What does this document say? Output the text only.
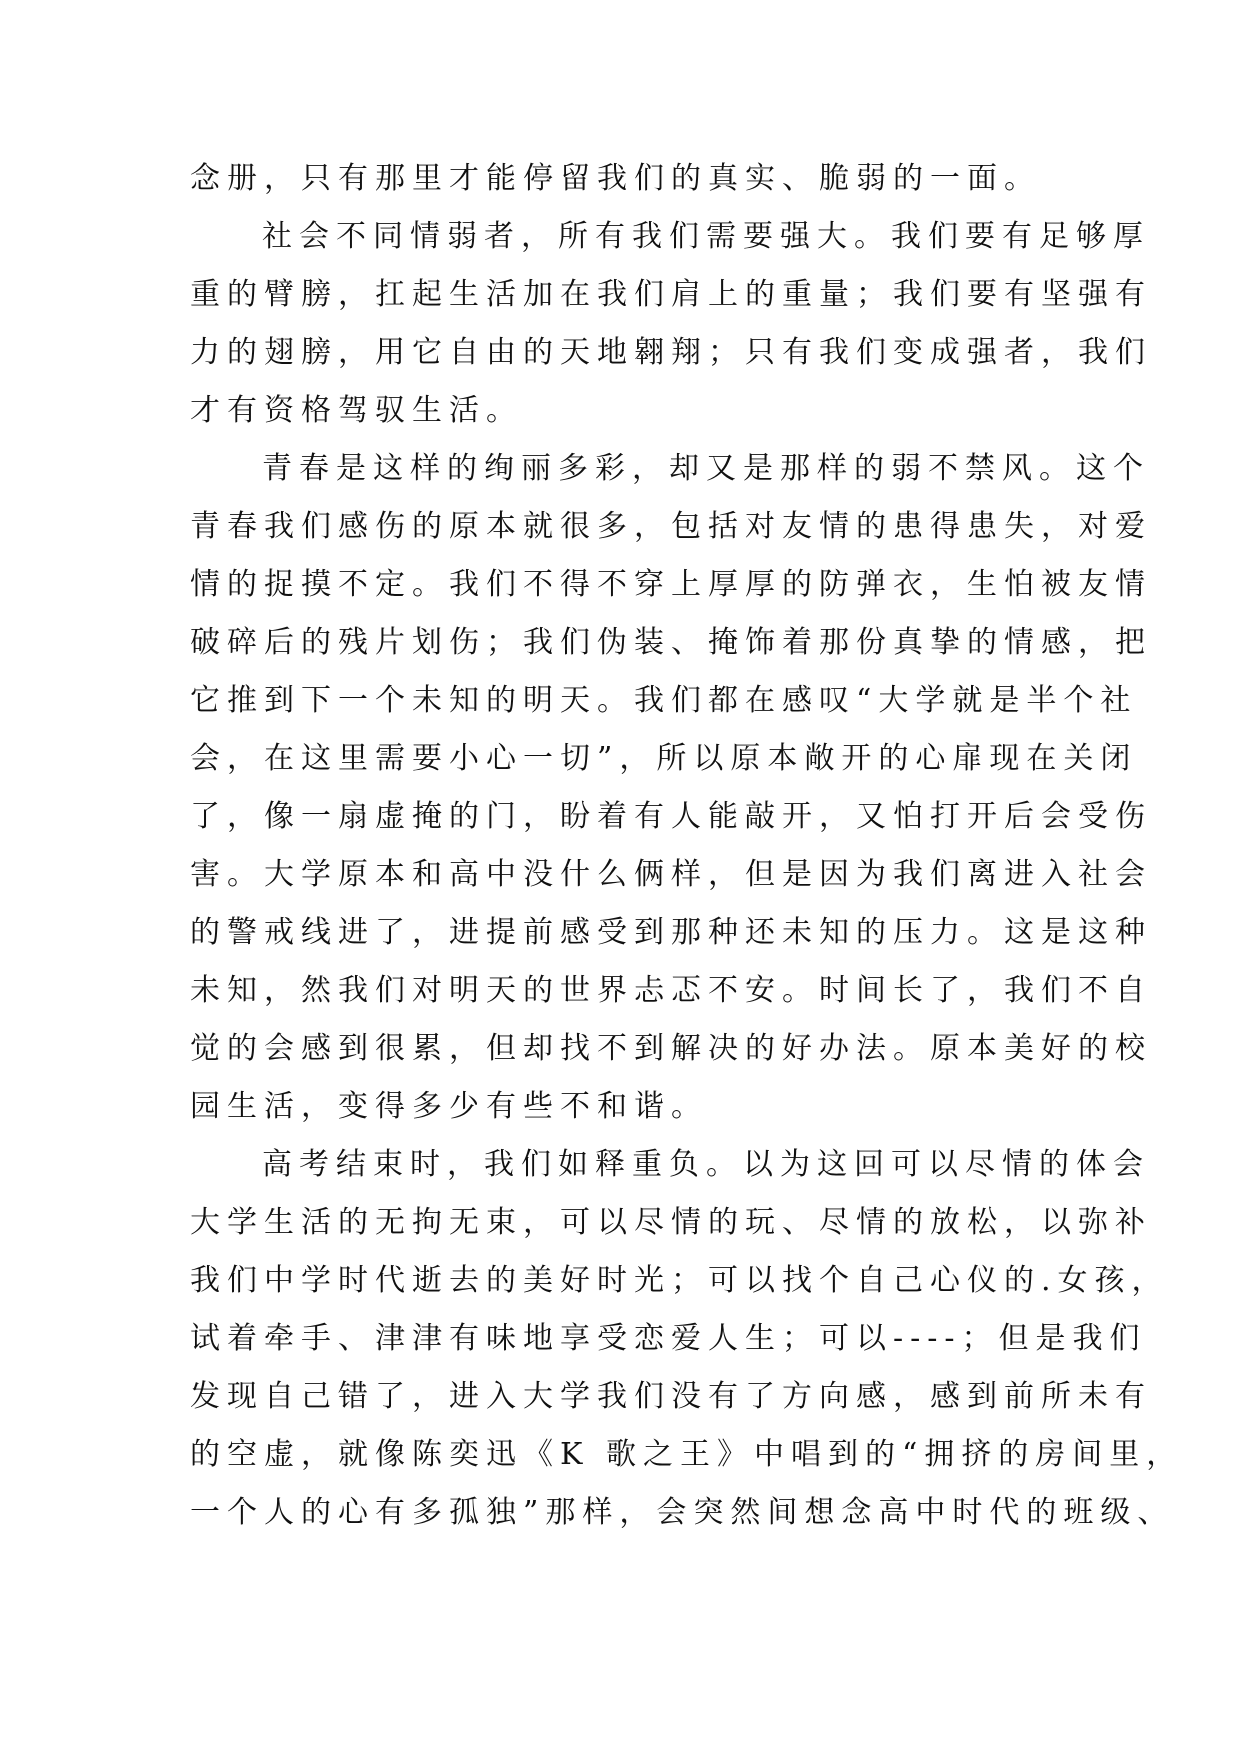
念册，只有那里才能停留我们的真实、脆弱的一面。
社会不同情弱者，所有我们需要强大。我们要有足够厚
重的臂膀，扛起生活加在我们肩上的重量；我们要有坚强有
力的翅膀，用它自由的天地翱翔；只有我们变成强者，我们
才有资格驾驭生活。
青春是这样的绚丽多彩，却又是那样的弱不禁风。这个
青春我们感伤的原本就很多，包括对友情的患得患失，对爱
情的捉摸不定。我们不得不穿上厚厚的防弹衣，生怕被友情
破碎后的残片划伤；我们伪装、掩饰着那份真挚的情感，把
它推到下一个未知的明天。我们都在感叹“大学就是半个社
会，在这里需要小心一切”，所以原本敞开的心扉现在关闭
了，像一扇虚掩的门，盼着有人能敲开，又怕打开后会受伤
害。大学原本和高中没什么俩样，但是因为我们离进入社会
的警戒线进了，进提前感受到那种还未知的压力。这是这种
未知，然我们对明天的世界忐忑不安。时间长了，我们不自
觉的会感到很累，但却找不到解决的好办法。原本美好的校
园生活，变得多少有些不和谐。
高考结束时，我们如释重负。以为这回可以尽情的体会
大学生活的无拘无束，可以尽情的玩、尽情的放松，以弥补
我们中学时代逝去的美好时光；可以找个自己心仪的.女孩，
试着牵手、津津有味地享受恋爱人生；可以----；但是我们
发现自己错了，进入大学我们没有了方向感，感到前所未有
的空虚，就像陈奕迅《K 歌之王》中唱到的“拥挤的房间里，
一个人的心有多孤独”那样，会突然间想念高中时代的班级、
